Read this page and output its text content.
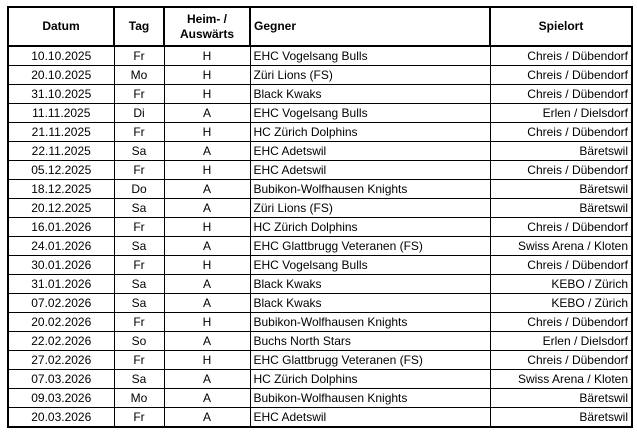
Datum	Tag	Heim- /
Auswärts	Gegner	Spielort
10.10.2025	Fr	H	EHC Vogelsang Bulls	Chreis / Dübendorf
20.10.2025	Mo	H	Züri Lions (FS)	Chreis / Dübendorf
31.10.2025	Fr	H	Black Kwaks	Chreis / Dübendorf
11.11.2025	Di	A	EHC Vogelsang Bulls	Erlen / Dielsdorf
21.11.2025	Fr	H	HC Zürich Dolphins	Chreis / Dübendorf
22.11.2025	Sa	A	EHC Adetswil	Bäretswil
05.12.2025	Fr	H	EHC Adetswil	Chreis / Dübendorf
18.12.2025	Do	A	Bubikon-Wolfhausen Knights	Bäretswil
20.12.2025	Sa	A	Züri Lions (FS)	Bäretswil
16.01.2026	Fr	H	HC Zürich Dolphins	Chreis / Dübendorf
24.01.2026	Sa	A	EHC Glattbrugg Veteranen (FS)	Swiss Arena / Kloten
30.01.2026	Fr	H	EHC Vogelsang Bulls	Chreis / Dübendorf
31.01.2026	Sa	A	Black Kwaks	KEBO / Zürich
07.02.2026	Sa	A	Black Kwaks	KEBO / Zürich
20.02.2026	Fr	H	Bubikon-Wolfhausen Knights	Chreis / Dübendorf
22.02.2026	So	A	Buchs North Stars	Erlen / Dielsdorf
27.02.2026	Fr	H	EHC Glattbrugg Veteranen (FS)	Chreis / Dübendorf
07.03.2026	Sa	A	HC Zürich Dolphins	Swiss Arena / Kloten
09.03.2026	Mo	A	Bubikon-Wolfhausen Knights	Bäretswil
20.03.2026	Fr	A	EHC Adetswil	Bäretswil
